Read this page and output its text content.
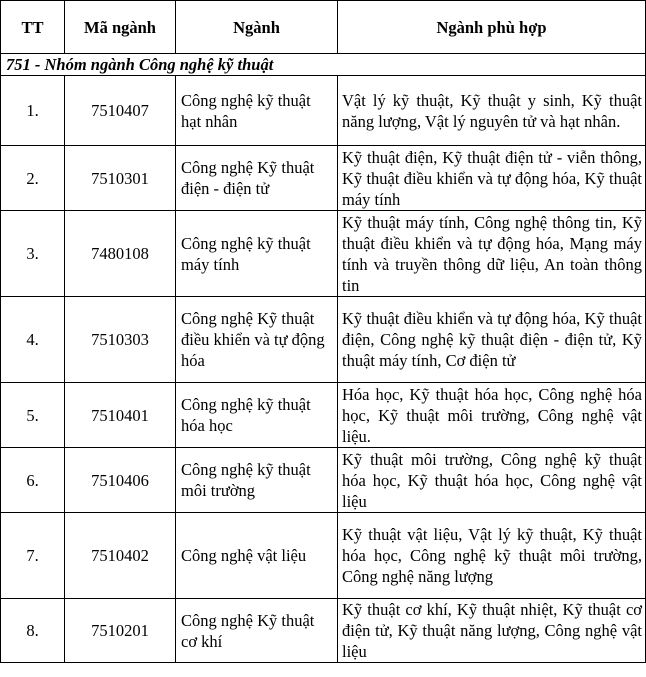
TT	Mã ngành	Ngành	Ngành phù hợp
751 - Nhóm ngành Công nghệ kỹ thuật			
1.	7510407	Công nghệ kỹ thuật hạt nhân	Vật lý kỹ thuật, Kỹ thuật y sinh, Kỹ thuật năng lượng, Vật lý nguyên tử và hạt nhân.
2.	7510301	Công nghệ Kỹ thuật điện - điện tử	Kỹ thuật điện, Kỹ thuật điện tử - viễn thông, Kỹ thuật điều khiển và tự động hóa, Kỹ thuật máy tính
3.	7480108	Công nghệ kỹ thuật máy tính	Kỹ thuật máy tính, Công nghệ thông tin, Kỹ thuật điều khiển và tự động hóa, Mạng máy tính và truyền thông dữ liệu, An toàn thông tin
4.	7510303	Công nghệ Kỹ thuật điều khiển và tự động hóa	Kỹ thuật điều khiển và tự động hóa, Kỹ thuật điện, Công nghệ kỹ thuật điện - điện tử, Kỹ thuật máy tính, Cơ điện tử
5.	7510401	Công nghệ kỹ thuật hóa học	Hóa học, Kỹ thuật hóa học, Công nghệ hóa học, Kỹ thuật môi trường, Công nghệ vật liệu.
6.	7510406	Công nghệ kỹ thuật môi trường	Kỹ thuật môi trường, Công nghệ kỹ thuật hóa học, Kỹ thuật hóa học, Công nghệ vật liệu
7.	7510402	Công nghệ vật liệu	Kỹ thuật vật liệu, Vật lý kỹ thuật, Kỹ thuật hóa học, Công nghệ kỹ thuật môi trường, Công nghệ năng lượng
8.	7510201	Công nghệ Kỹ thuật cơ khí	Kỹ thuật cơ khí, Kỹ thuật nhiệt, Kỹ thuật cơ điện tử, Kỹ thuật năng lượng, Công nghệ vật liệu
